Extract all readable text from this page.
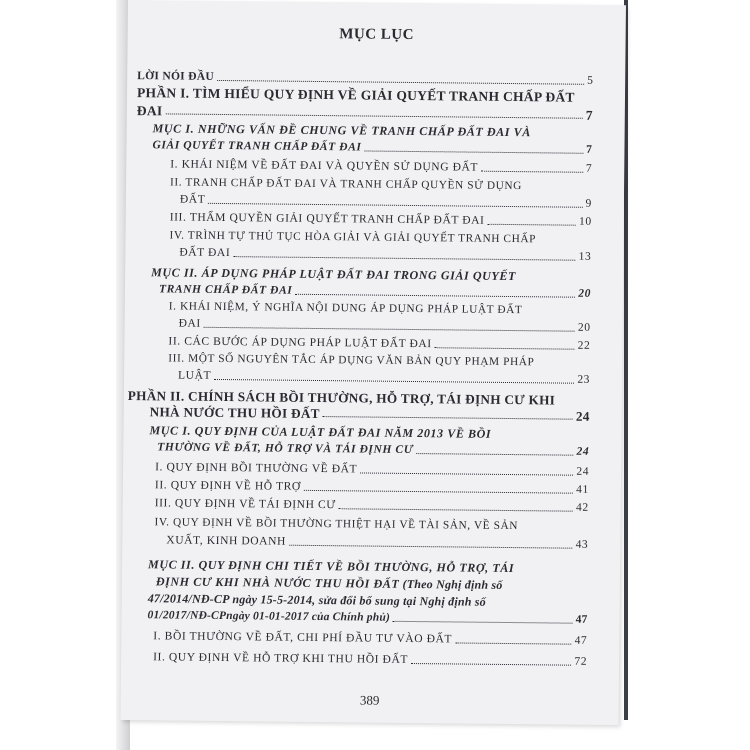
MỤC LỤC
LỜI NÓI ĐẦU	5
PHẦN I. TÌM HIỂU QUY ĐỊNH VỀ GIẢI QUYẾT TRANH CHẤP ĐẤT
ĐAI	7
MỤC I. NHỮNG VẤN ĐỀ CHUNG VỀ TRANH CHẤP ĐẤT ĐAI VÀ
GIẢI QUYẾT TRANH CHẤP ĐẤT ĐAI	7
I. KHÁI NIỆM VỀ ĐẤT ĐAI VÀ QUYỀN SỬ DỤNG ĐẤT	7
II. TRANH CHẤP ĐẤT ĐAI VÀ TRANH CHẤP QUYỀN SỬ DỤNG
ĐẤT	9
III. THẨM QUYỀN GIẢI QUYẾT TRANH CHẤP ĐẤT ĐAI	10
IV. TRÌNH TỰ THỦ TỤC HÒA GIẢI VÀ GIẢI QUYẾT TRANH CHẤP
ĐẤT ĐAI	13
MỤC II. ÁP DỤNG PHÁP LUẬT ĐẤT ĐAI TRONG GIẢI QUYẾT
TRANH CHẤP ĐẤT ĐAI	20
I. KHÁI NIỆM, Ý NGHĨA NỘI DUNG ÁP DỤNG PHÁP LUẬT ĐẤT
ĐAI	20
II. CÁC BƯỚC ÁP DỤNG PHÁP LUẬT ĐẤT ĐAI	22
III. MỘT SỐ NGUYÊN TẮC ÁP DỤNG VĂN BẢN QUY PHẠM PHÁP
LUẬT	23
PHẦN II. CHÍNH SÁCH BỒI THƯỜNG, HỖ TRỢ, TÁI ĐỊNH CƯ KHI
NHÀ NƯỚC THU HỒI ĐẤT	24
MỤC I. QUY ĐỊNH CỦA LUẬT ĐẤT ĐAI NĂM 2013 VỀ BỒI
THƯỜNG VỀ ĐẤT, HỖ TRỢ VÀ TÁI ĐỊNH CƯ	24
I. QUY ĐỊNH BỒI THƯỜNG VỀ ĐẤT	24
II. QUY ĐỊNH VỀ HỖ TRỢ	41
III. QUY ĐỊNH VỀ TÁI ĐỊNH CƯ	42
IV. QUY ĐỊNH VỀ BỒI THƯỜNG THIỆT HẠI VỀ TÀI SẢN, VỀ SẢN
XUẤT, KINH DOANH	43
MỤC II. QUY ĐỊNH CHI TIẾT VỀ BỒI THƯỜNG, HỖ TRỢ, TÁI
ĐỊNH CƯ KHI NHÀ NƯỚC THU HỒI ĐẤT (Theo Nghị định số
47/2014/NĐ-CP ngày 15-5-2014, sửa đổi bổ sung tại Nghị định số
01/2017/NĐ-CP ngày 01-01-2017 của Chính phủ)	47
I. BỒI THƯỜNG VỀ ĐẤT, CHI PHÍ ĐẦU TƯ VÀO ĐẤT	47
II. QUY ĐỊNH VỀ HỖ TRỢ KHI THU HỒI ĐẤT	72
389
